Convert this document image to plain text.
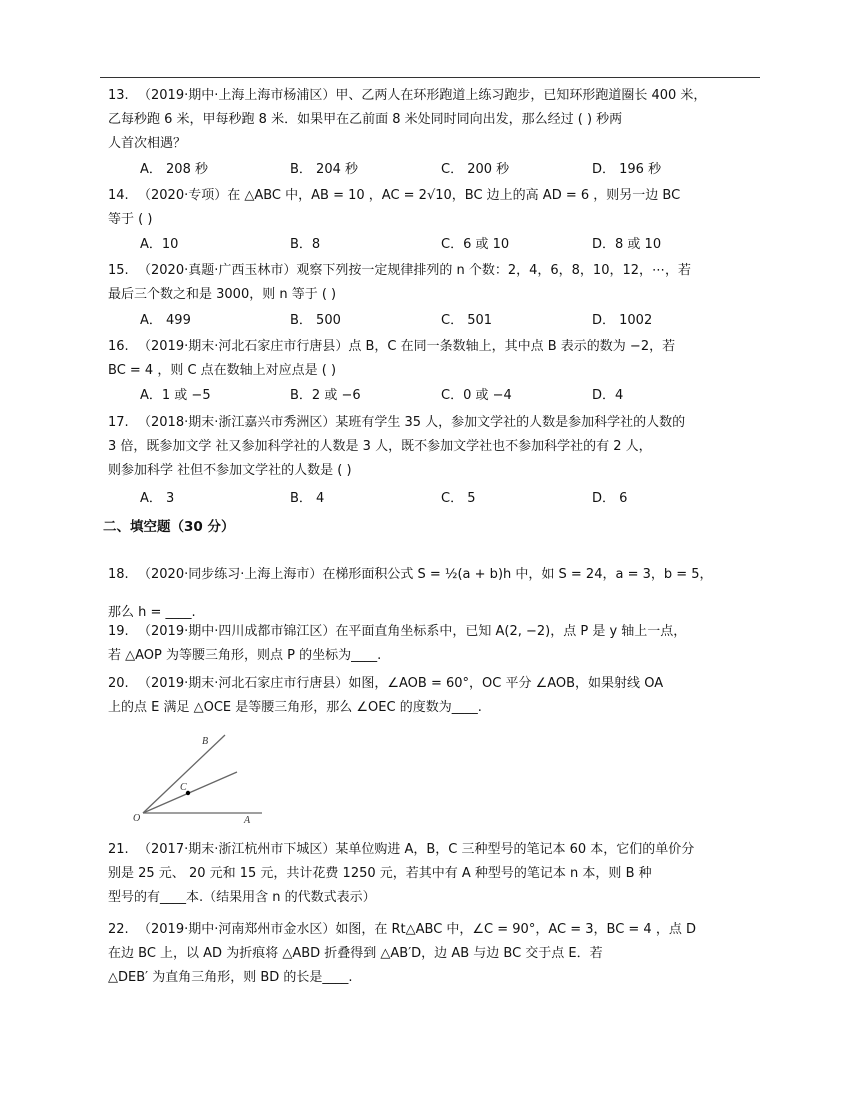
13. （2019·期中·上海上海市杨浦区）甲、乙两人在环形跑道上练习跑步，已知环形跑道圈长 400 米，
乙每秒跑 6 米，甲每秒跑 8 米．如果甲在乙前面 8 米处同时同向出发，那么经过 ( ) 秒两
人首次相遇？
A． 208 秒	B． 204 秒	C． 200 秒	D． 196 秒
14. （2020·专项）在 △ABC 中，AB = 10 ，AC = 2√10，BC 边上的高 AD = 6 ，则另一边 BC
等于 ( )
A．10	B．8	C．6 或 10	D．8 或 10
15. （2020·真题·广西玉林市）观察下列按一定规律排列的 n 个数：2，4，6，8，10，12，⋯，若
最后三个数之和是 3000，则 n 等于 ( )
A． 499	B． 500	C． 501	D． 1002
16. （2019·期末·河北石家庄市行唐县）点 B，C 在同一条数轴上，其中点 B 表示的数为 −2，若
BC = 4 ，则 C 点在数轴上对应点是 ( )
A．1 或 −5	B．2 或 −6	C．0 或 −4	D．4
17. （2018·期末·浙江嘉兴市秀洲区）某班有学生 35 人，参加文学社的人数是参加科学社的人数的
3 倍，既参加文学 社又参加科学社的人数是 3 人，既不参加文学社也不参加科学社的有 2 人，
则参加科学 社但不参加文学社的人数是 ( )
A． 3	B． 4	C． 5	D． 6
二、填空题（30 分）
18. （2020·同步练习·上海上海市）在梯形面积公式 S = ½(a + b)h 中，如 S = 24，a = 3，b = 5，
那么 h = ____.
19. （2019·期中·四川成都市锦江区）在平面直角坐标系中，已知 A(2, −2)，点 P 是 y 轴上一点，
若 △AOP 为等腰三角形，则点 P 的坐标为____.
20. （2019·期末·河北石家庄市行唐县）如图，∠AOB = 60°，OC 平分 ∠AOB，如果射线 OA
上的点 E 满足 △OCE 是等腰三角形，那么 ∠OEC 的度数为____.
B
C
O	A
21. （2017·期末·浙江杭州市下城区）某单位购进 A，B，C 三种型号的笔记本 60 本，它们的单价分
别是 25 元、 20 元和 15 元，共计花费 1250 元，若其中有 A 种型号的笔记本 n 本，则 B 种
型号的有____本.（结果用含 n 的代数式表示）
22. （2019·期中·河南郑州市金水区）如图，在 Rt△ABC 中，∠C = 90°，AC = 3，BC = 4 ，点 D
在边 BC 上，以 AD 为折痕将 △ABD 折叠得到 △AB′D，边 AB 与边 BC 交于点 E．若
△DEB′ 为直角三角形，则 BD 的长是____.
